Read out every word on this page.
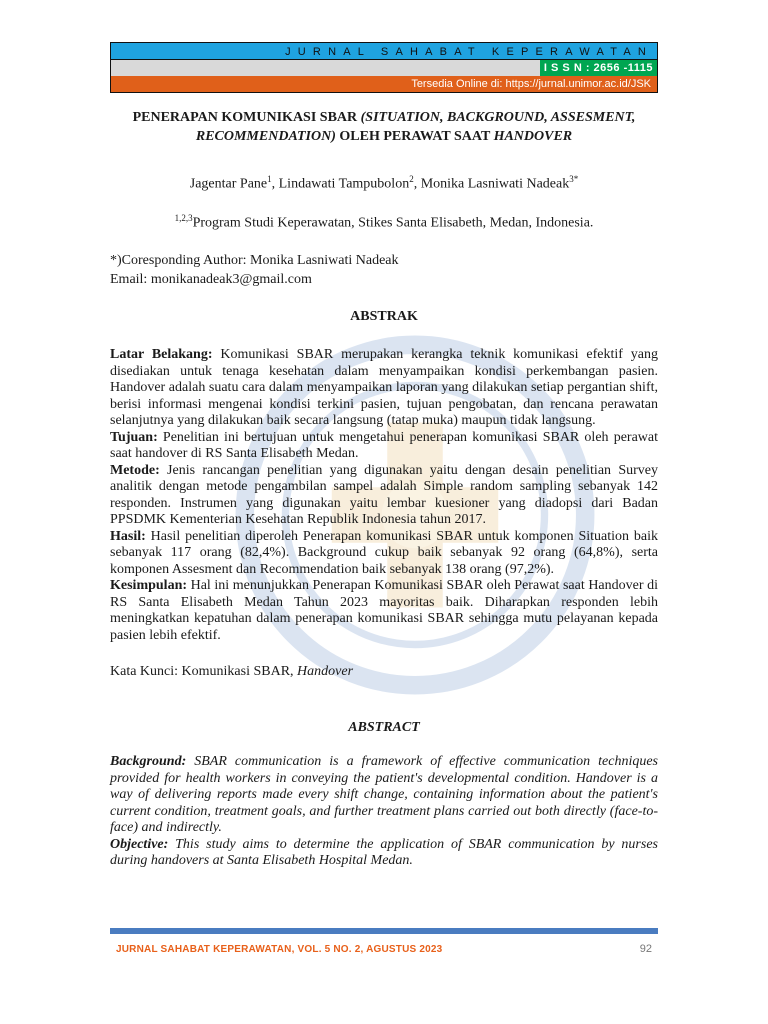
JURNAL SAHABAT KEPERAWATAN
I S S N : 2656 -1115
Tersedia Online di: https://jurnal.unimor.ac.id/JSK
PENERAPAN KOMUNIKASI SBAR (SITUATION, BACKGROUND, ASSESMENT, RECOMMENDATION) OLEH PERAWAT SAAT HANDOVER
Jagentar Pane$^1$, Lindawati Tampubolon$^2$, Monika Lasniwati Nadeak$^{3*}$
$^{1,2,3}$Program Studi Keperawatan, Stikes Santa Elisabeth, Medan, Indonesia.
*)Coresponding Author: Monika Lasniwati Nadeak
Email: monikanadeak3@gmail.com
ABSTRAK

Latar Belakang: Komunikasi SBAR merupakan kerangka teknik komunikasi efektif yang disediakan untuk tenaga kesehatan dalam menyampaikan kondisi perkembangan pasien. Handover adalah suatu cara dalam menyampaikan laporan yang dilakukan setiap pergantian shift, berisi informasi mengenai kondisi terkini pasien, tujuan pengobatan, dan rencana perawatan selanjutnya yang dilakukan baik secara langsung (tatap muka) maupun tidak langsung.

Tujuan: Penelitian ini bertujuan untuk mengetahui penerapan komunikasi SBAR oleh perawat saat handover di RS Santa Elisabeth Medan.

Metode: Jenis rancangan penelitian yang digunakan yaitu dengan desain penelitian Survey analitik dengan metode pengambilan sampel adalah Simple random sampling sebanyak 142 responden. Instrumen yang digunakan yaitu lembar kuesioner yang diadopsi dari Badan PPSDMK Kementerian Kesehatan Republik Indonesia tahun 2017.

Hasil: Hasil penelitian diperoleh Penerapan komunikasi SBAR untuk komponen Situation baik sebanyak 117 orang (82,4%). Background cukup baik sebanyak 92 orang (64,8%), serta komponen Assesment dan Recommendation baik sebanyak 138 orang (97,2%).

Kesimpulan: Hal ini menunjukkan Penerapan Komunikasi SBAR oleh Perawat saat Handover di RS Santa Elisabeth Medan Tahun 2023 mayoritas baik. Diharapkan responden lebih meningkatkan kepatuhan dalam penerapan komunikasi SBAR sehingga mutu pelayanan kepada pasien lebih efektif.

Kata Kunci: Komunikasi SBAR, Handover
ABSTRACT

Background: SBAR communication is a framework of effective communication techniques provided for health workers in conveying the patient's developmental condition. Handover is a way of delivering reports made every shift change, containing information about the patient's current condition, treatment goals, and further treatment plans carried out both directly (face-to-face) and indirectly.

Objective: This study aims to determine the application of SBAR communication by nurses during handovers at Santa Elisabeth Hospital Medan.

JURNAL SAHABAT KEPERAWATAN, VOL. 5 NO. 2, AGUSTUS 2023	92
